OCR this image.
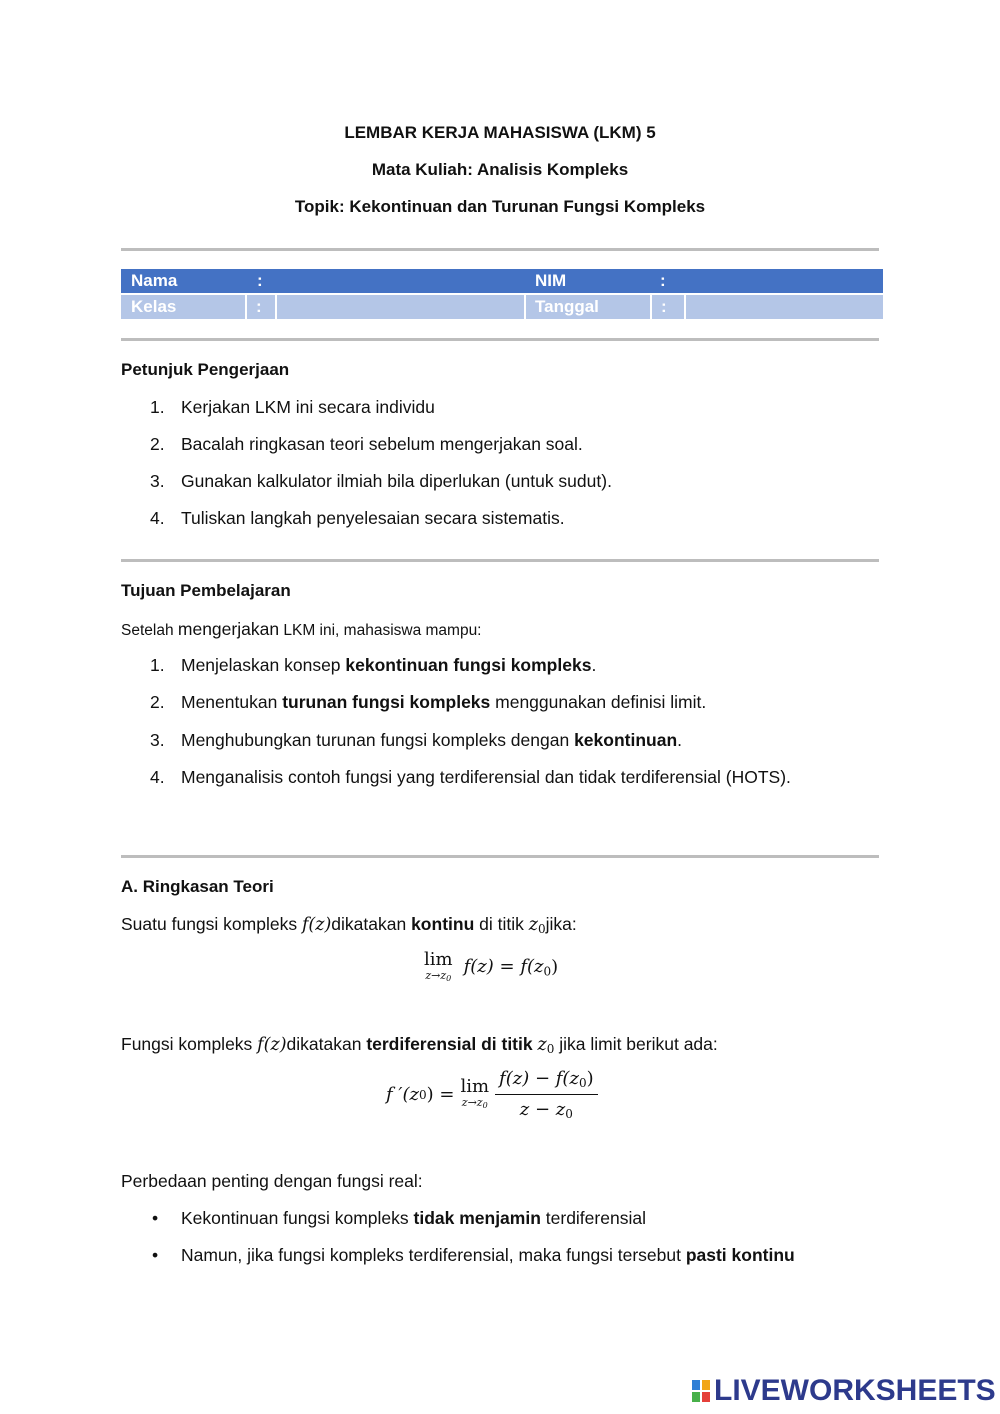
LEMBAR KERJA MAHASISWA (LKM) 5
Mata Kuliah: Analisis Kompleks
Topik: Kekontinuan dan Turunan Fungsi Kompleks
Nama	:	NIM	:
Kelas	:	Tanggal	:
Petunjuk Pengerjaan
1. Kerjakan LKM ini secara individu
2. Bacalah ringkasan teori sebelum mengerjakan soal.
3. Gunakan kalkulator ilmiah bila diperlukan (untuk sudut).
4. Tuliskan langkah penyelesaian secara sistematis.
Tujuan Pembelajaran
Setelah mengerjakan LKM ini, mahasiswa mampu:
1. Menjelaskan konsep kekontinuan fungsi kompleks.
2. Menentukan turunan fungsi kompleks menggunakan definisi limit.
3. Menghubungkan turunan fungsi kompleks dengan kekontinuan.
4. Menganalisis contoh fungsi yang terdiferensial dan tidak terdiferensial (HOTS).
A. Ringkasan Teori
Suatu fungsi kompleks f(z)dikatakan kontinu di titik $z_0jika$:
lim
$z\to z_0$
$f(z) = f(z_0)$
Fungsi kompleks f(z)dikatakan terdiferensial di titik $z_0$ jika limit berikut ada:
f ′(z 0 ) = lim
$z\to z_0 \frac{f(z) - f(z_0)}{z - z_0}$
Perbedaan penting dengan fungsi real:
• Kekontinuan fungsi kompleks tidak menjamin terdiferensial
• Namun, jika fungsi kompleks terdiferensial, maka fungsi tersebut pasti kontinu
LIVEWORKSHEETS
